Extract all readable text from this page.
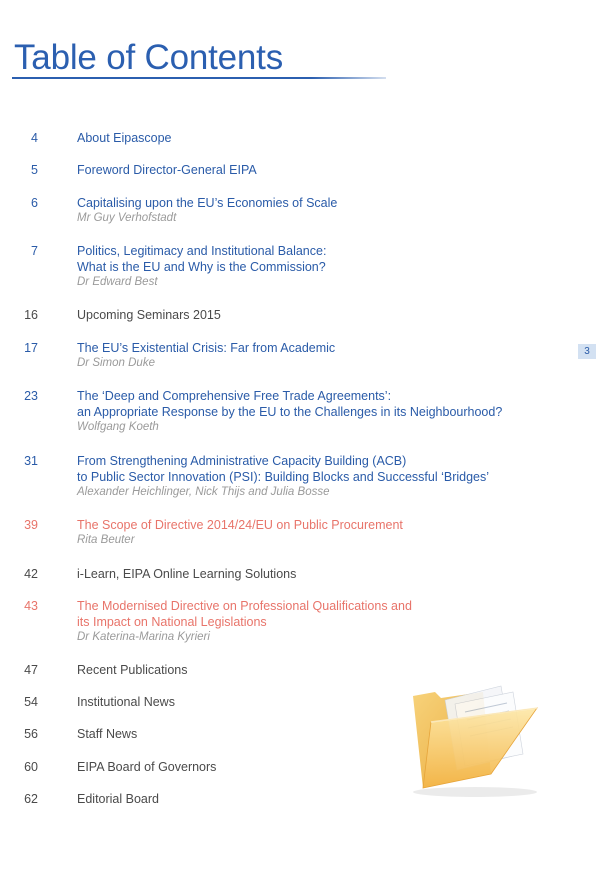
Table of Contents
4	About Eipascope
5	Foreword Director-General EIPA
6	Capitalising upon the EU’s Economies of Scale
Mr Guy Verhofstadt
7	Politics, Legitimacy and Institutional Balance:
What is the EU and Why is the Commission?
Dr Edward Best
16	Upcoming Seminars 2015
17	The EU’s Existential Crisis: Far from Academic
Dr Simon Duke
23	The ‘Deep and Comprehensive Free Trade Agreements’:
an Appropriate Response by the EU to the Challenges in its Neighbourhood?
Wolfgang Koeth
31	From Strengthening Administrative Capacity Building (ACB)
to Public Sector Innovation (PSI): Building Blocks and Successful ‘Bridges’
Alexander Heichlinger, Nick Thijs and Julia Bosse
39	The Scope of Directive 2014/24/EU on Public Procurement
Rita Beuter
42	i-Learn, EIPA Online Learning Solutions
43	The Modernised Directive on Professional Qualifications and
its Impact on National Legislations
Dr Katerina-Marina Kyrieri
47	Recent Publications
54	Institutional News
56	Staff News
60	EIPA Board of Governors
62	Editorial Board
3
